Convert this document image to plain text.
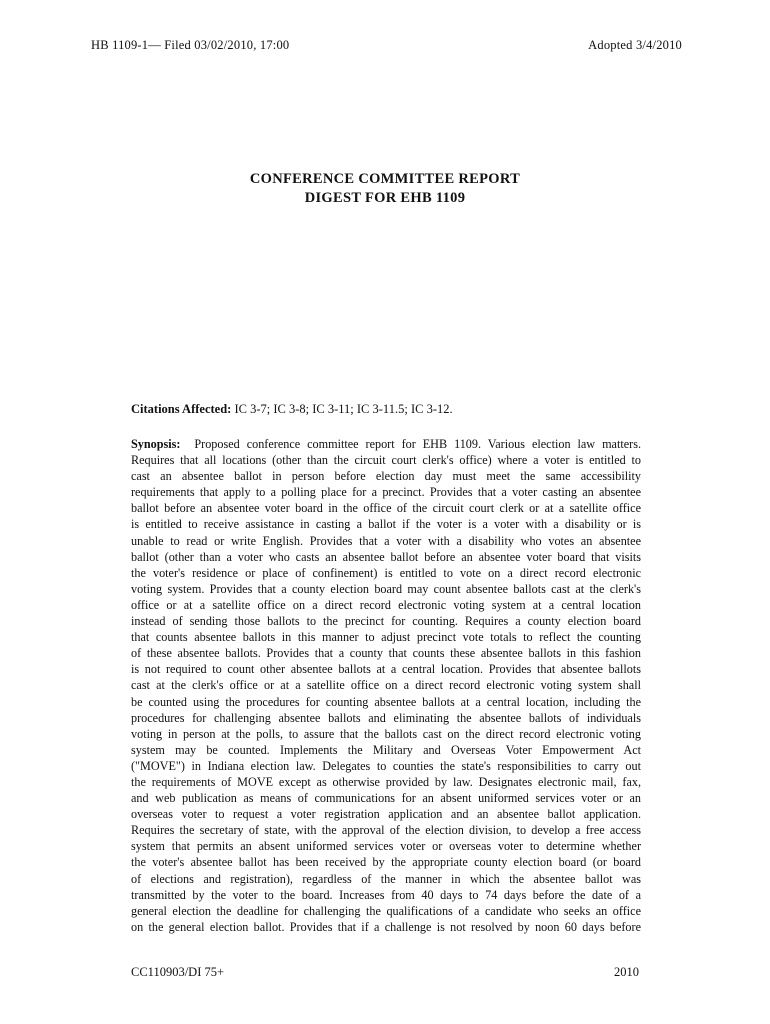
HB 1109-1— Filed 03/02/2010, 17:00	Adopted 3/4/2010
CONFERENCE COMMITTEE REPORT
DIGEST FOR EHB 1109
Citations Affected: IC 3-7; IC 3-8; IC 3-11; IC 3-11.5; IC 3-12.
Synopsis: Proposed conference committee report for EHB 1109. Various election law matters.
Requires that all locations (other than the circuit court clerk's office) where a voter is entitled to
cast an absentee ballot in person before election day must meet the same accessibility
requirements that apply to a polling place for a precinct. Provides that a voter casting an absentee
ballot before an absentee voter board in the office of the circuit court clerk or at a satellite office
is entitled to receive assistance in casting a ballot if the voter is a voter with a disability or is
unable to read or write English. Provides that a voter with a disability who votes an absentee
ballot (other than a voter who casts an absentee ballot before an absentee voter board that visits
the voter's residence or place of confinement) is entitled to vote on a direct record electronic
voting system. Provides that a county election board may count absentee ballots cast at the clerk's
office or at a satellite office on a direct record electronic voting system at a central location
instead of sending those ballots to the precinct for counting. Requires a county election board
that counts absentee ballots in this manner to adjust precinct vote totals to reflect the counting
of these absentee ballots. Provides that a county that counts these absentee ballots in this fashion
is not required to count other absentee ballots at a central location. Provides that absentee ballots
cast at the clerk's office or at a satellite office on a direct record electronic voting system shall
be counted using the procedures for counting absentee ballots at a central location, including the
procedures for challenging absentee ballots and eliminating the absentee ballots of individuals
voting in person at the polls, to assure that the ballots cast on the direct record electronic voting
system may be counted. Implements the Military and Overseas Voter Empowerment Act
("MOVE") in Indiana election law. Delegates to counties the state's responsibilities to carry out
the requirements of MOVE except as otherwise provided by law. Designates electronic mail, fax,
and web publication as means of communications for an absent uniformed services voter or an
overseas voter to request a voter registration application and an absentee ballot application.
Requires the secretary of state, with the approval of the election division, to develop a free access
system that permits an absent uniformed services voter or overseas voter to determine whether
the voter's absentee ballot has been received by the appropriate county election board (or board
of elections and registration), regardless of the manner in which the absentee ballot was
transmitted by the voter to the board. Increases from 40 days to 74 days before the date of a
general election the deadline for challenging the qualifications of a candidate who seeks an office
on the general election ballot. Provides that if a challenge is not resolved by noon 60 days before
CC110903/DI 75+	2010
